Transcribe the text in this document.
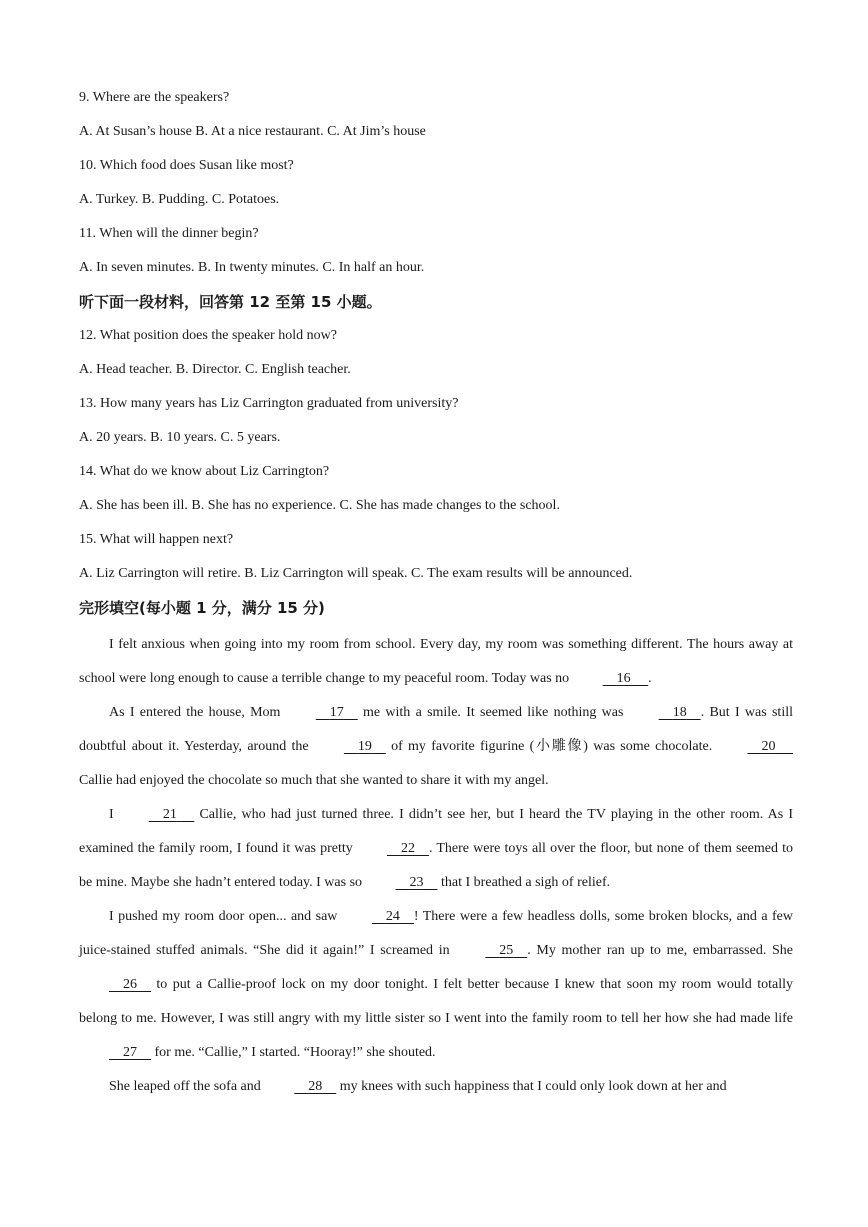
9. Where are the speakers?
A. At Susan’s house B. At a nice restaurant. C. At Jim’s house
10. Which food does Susan like most?
A. Turkey. B. Pudding. C. Potatoes.
11. When will the dinner begin?
A. In seven minutes. B. In twenty minutes. C. In half an hour.
听下面一段材料，回答第 12 至第 15 小题。
12. What position does the speaker hold now?
A. Head teacher. B. Director. C. English teacher.
13. How many years has Liz Carrington graduated from university?
A. 20 years. B. 10 years. C. 5 years.
14. What do we know about Liz Carrington?
A. She has been ill. B. She has no experience. C. She has made changes to the school.
15. What will happen next?
A. Liz Carrington will retire. B. Liz Carrington will speak. C. The exam results will be announced.
完形填空(每小题 1 分，满分 15 分)

I felt anxious when going into my room from school. Every day, my room was something different. The hours away at school were long enough to cause a terrible change to my peaceful room. Today was no	16 .

As I entered the house, Mom	17     me with a smile. It seemed like nothing was	18 . But I was still doubtful about it. Yesterday, around the	19     of my favorite figurine (小雕像) was some chocolate.	20      Callie had enjoyed the chocolate so much that she wanted to share it with my angel.

I	21      Callie, who had just turned three. I didn’t see her, but I heard the TV playing in the other room. As I examined the family room, I found it was pretty	22 . There were toys all over the floor, but none of them seemed to be mine. Maybe she hadn’t entered today. I was so	23     that I breathed a sigh of relief.

I pushed my room door open... and saw	24 ! There were a few headless dolls, some broken blocks, and a few juice-stained stuffed animals. “She did it again!” I screamed in	25 . My mother ran up to me, embarrassed. She     26     to put a Callie-proof lock on my door tonight. I felt better because I knew that soon my room would totally belong to me. However, I was still angry with my little sister so I went into the family room to tell her how she had made life     27     for me. “Callie,” I started. “Hooray!” she shouted.

She leaped off the sofa and	28     my knees with such happiness that I could only look down at her and
